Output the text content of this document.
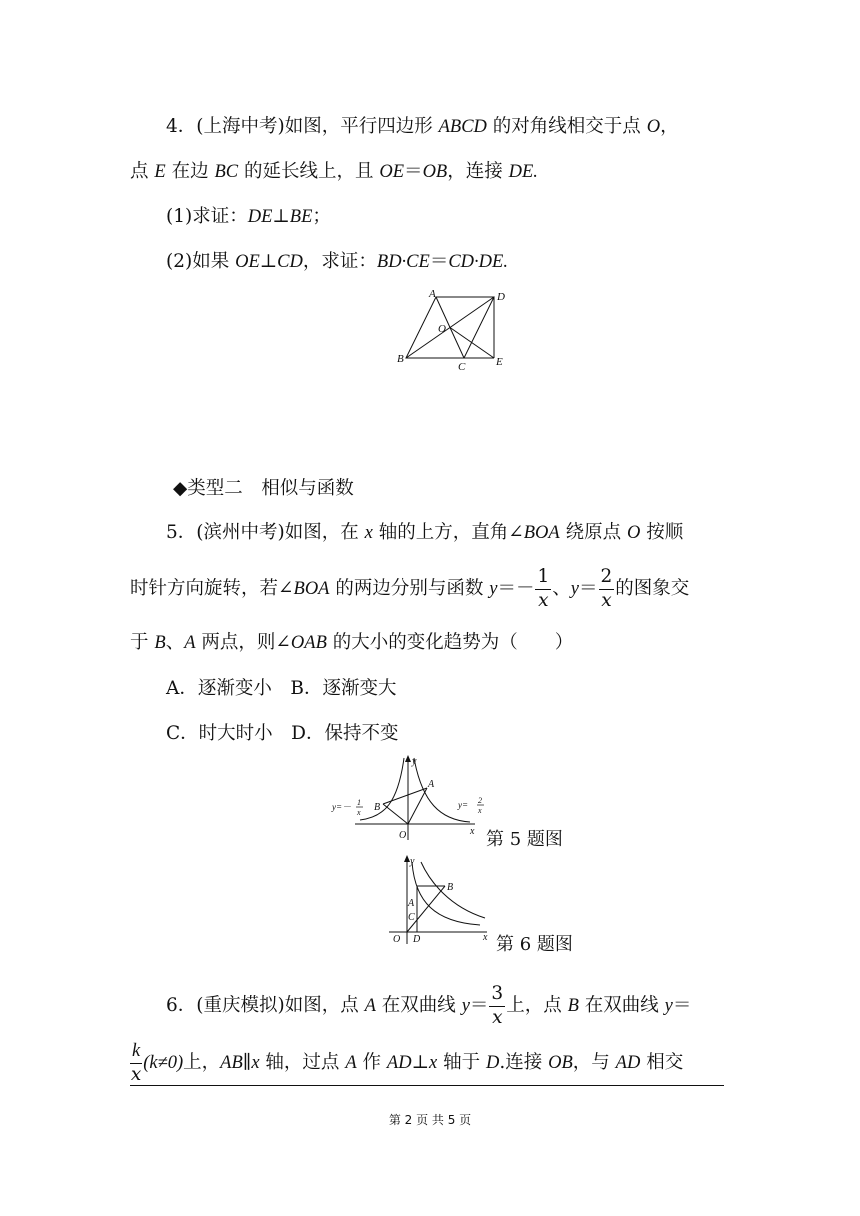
4．(上海中考)如图，平行四边形 ABCD 的对角线相交于点 O，
点 E 在边 BC 的延长线上，且 OE＝OB，连接 DE.
(1)求证：DE⊥BE；
(2)如果 OE⊥CD，求证：BD·CE＝CD·DE.
A	D
O
B
C	E
◆类型二　相似与函数
5．(滨州中考)如图，在 x 轴的上方，直角∠BOA 绕原点 O 按顺
时针方向旋转，若∠BOA 的两边分别与函数 $y=- \frac{1}{x}$ 、$y= \frac{2}{x}$ 的图象交
于 B、A 两点，则∠OAB 的大小的变化趋势为（　　）
A．逐渐变小　B．逐渐变大
C．时大时小　D．保持不变
y
x
O
A
B
y=－ 1
x
y= 2
x
第 5 题图
y
x
O D
A
B
C
第 6 题图
6．(重庆模拟)如图，点 A 在双曲线 $y= \frac{3}{x}$ 上，点 B 在双曲线 y＝
$\frac{k}{x} (k\ne 0)$上，AB∥x 轴，过点 A 作 AD⊥x 轴于 D.连接 OB，与 AD 相交
第 2 页 共 5 页
